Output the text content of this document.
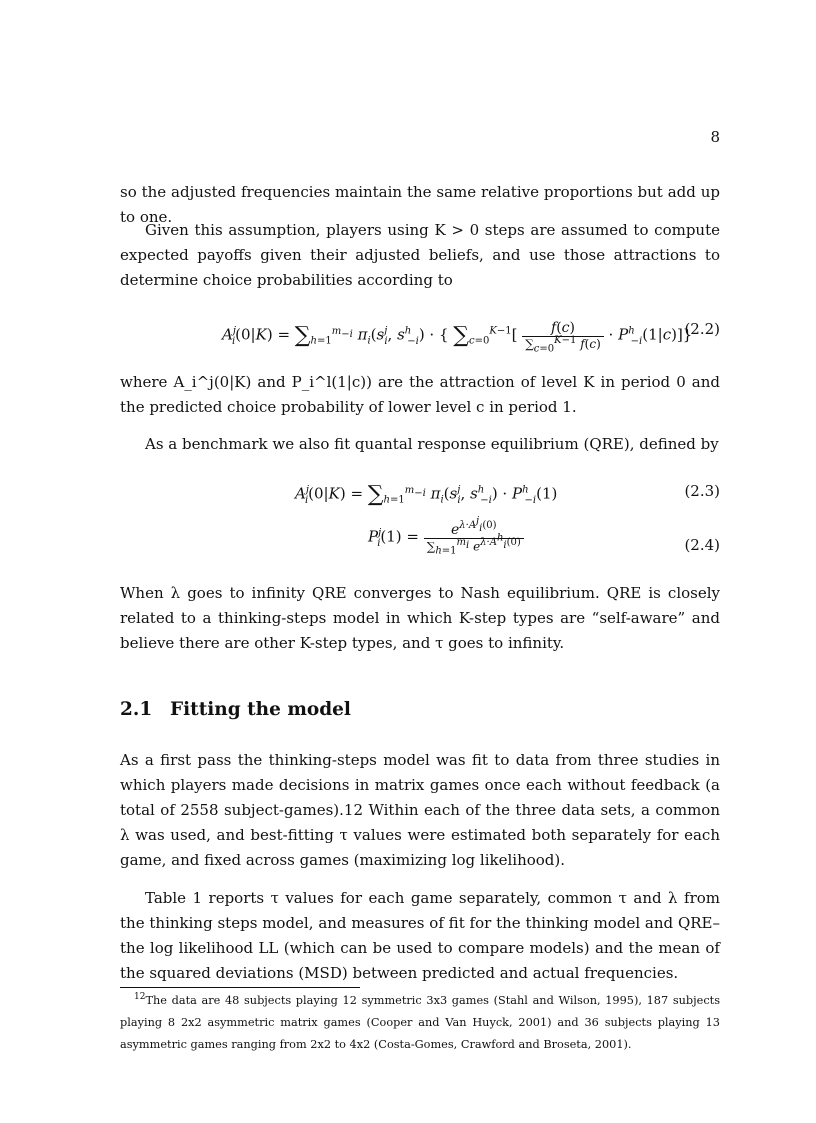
8

so the adjusted frequencies maintain the same relative proportions but add up to one.

Given this assumption, players using K > 0 steps are assumed to compute expected payoffs given their adjusted beliefs, and use those attractions to determine choice probabilities according to

$A^j_i(0|K) = \sum_{h=1}^{m_{-i}}$ $\pi_i(s^j_i$, $s^h_{-i}$) · { $\sum_{c=0}^{K-1}[ \frac{f(c)}{\sum_{c=0}^{K-1} f(c)} \cdot P^h_{-i}(1|c)]$}
(2.2)

where A_i^j(0|K) and P_i^l(1|c)) are the attraction of level K in period 0 and the predicted choice probability of lower level c in period 1.

As a benchmark we also fit quantal response equilibrium (QRE), defined by

$A^j_i(0|K) = \sum_{h=1}^{m_{-i}}$ $\pi_i(s^j_i$, $s^h_{-i}) \cdot P^h_{-i}(1)$	(2.3)
$P^j_i(1) = \frac{e^{\lambda\cdot A^j_i(0)}}{\sum_{h=1}^{m_i} e^{\lambda\cdot A^h_i(0)}}$	(2.4)

When λ goes to infinity QRE converges to Nash equilibrium. QRE is closely related to a thinking-steps model in which K-step types are “self-aware” and believe there are other K-step types, and τ goes to infinity.

2.1 Fitting the model

As a first pass the thinking-steps model was fit to data from three studies in which players made decisions in matrix games once each without feedback (a total of 2558 subject-games).12 Within each of the three data sets, a common λ was used, and best-fitting τ values were estimated both separately for each game, and fixed across games (maximizing log likelihood).

Table 1 reports τ values for each game separately, common τ and λ from the thinking steps model, and measures of fit for the thinking model and QRE– the log likelihood LL (which can be used to compare models) and the mean of the squared deviations (MSD) between predicted and actual frequencies.

$^{12}$The data are 48 subjects playing 12 symmetric 3x3 games (Stahl and Wilson, 1995), 187 subjects playing 8 2x2 asymmetric matrix games (Cooper and Van Huyck, 2001) and 36 subjects playing 13 asymmetric games ranging from 2x2 to 4x2 (Costa-Gomes, Crawford and Broseta, 2001).
